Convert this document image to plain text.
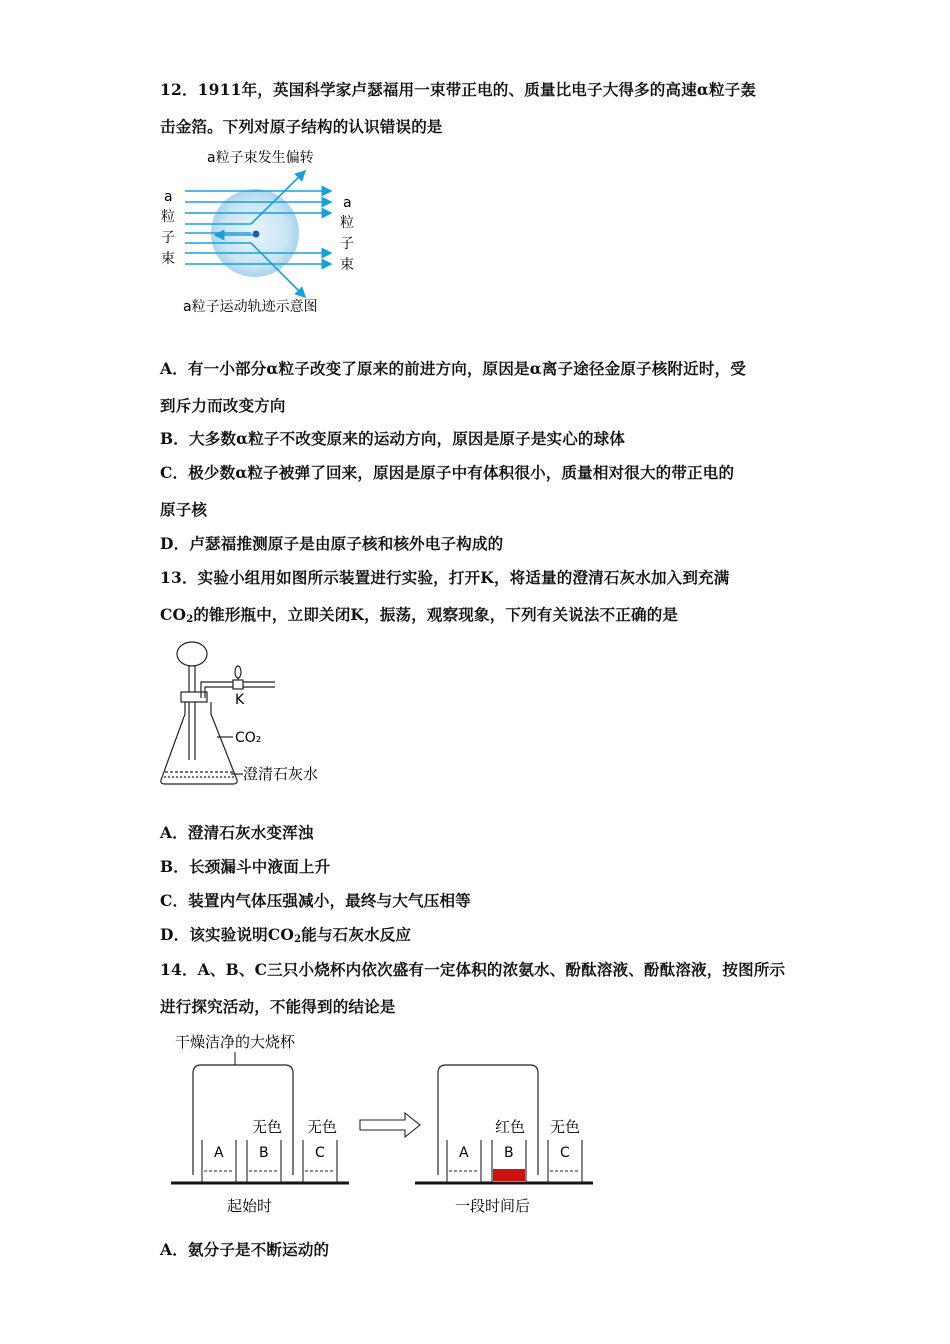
12．1911年，英国科学家卢瑟福用一束带正电的、质量比电子大得多的高速α粒子轰
击金箔。下列对原子结构的认识错误的是
a粒子束发生偏转
a
粒
子
束
a
粒
子
束
a粒子运动轨迹示意图
A．有一小部分α粒子改变了原来的前进方向，原因是α离子途径金原子核附近时，受
到斥力而改变方向
B．大多数α粒子不改变原来的运动方向，原因是原子是实心的球体
C．极少数α粒子被弹了回来，原因是原子中有体积很小，质量相对很大的带正电的
原子核
D．卢瑟福推测原子是由原子核和核外电子构成的
13．实验小组用如图所示装置进行实验，打开K，将适量的澄清石灰水加入到充满
$CO_2$的锥形瓶中，立即关闭K，振荡，观察现象，下列有关说法不正确的是
K
CO₂
澄清石灰水
A．澄清石灰水变浑浊
B．长颈漏斗中液面上升
C．装置内气体压强减小，最终与大气压相等
D．该实验说明$CO_2$能与石灰水反应
14．A、B、C三只小烧杯内依次盛有一定体积的浓氨水、酚酞溶液、酚酞溶液，按图所示
进行探究活动，不能得到的结论是
干燥洁净的大烧杯
A	B	C
无色 无色
起始时
A	B	C
红色 无色
一段时间后
A．氨分子是不断运动的
